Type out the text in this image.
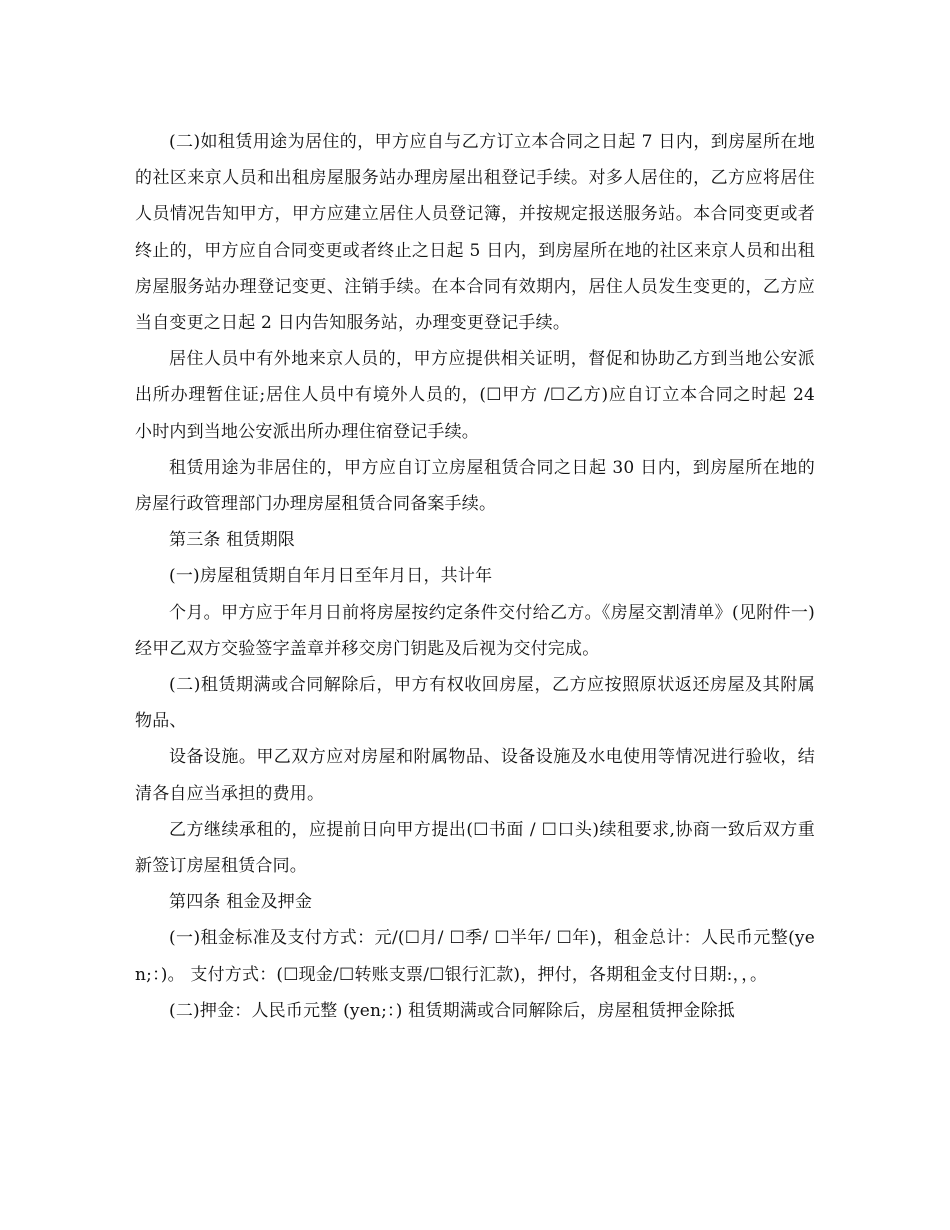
(二)如租赁用途为居住的，甲方应自与乙方订立本合同之日起 7 日内，到房屋所在地的社区来京人员和出租房屋服务站办理房屋出租登记手续。对多人居住的，乙方应将居住人员情况告知甲方，甲方应建立居住人员登记簿，并按规定报送服务站。本合同变更或者终止的，甲方应自合同变更或者终止之日起 5 日内，到房屋所在地的社区来京人员和出租房屋服务站办理登记变更、注销手续。在本合同有效期内，居住人员发生变更的，乙方应当自变更之日起 2 日内告知服务站，办理变更登记手续。

居住人员中有外地来京人员的，甲方应提供相关证明，督促和协助乙方到当地公安派出所办理暂住证;居住人员中有境外人员的，(☐甲方 /☐乙方)应自订立本合同之时起 24 小时内到当地公安派出所办理住宿登记手续。

租赁用途为非居住的，甲方应自订立房屋租赁合同之日起 30 日内，到房屋所在地的房屋行政管理部门办理房屋租赁合同备案手续。

第三条 租赁期限

(一)房屋租赁期自年月日至年月日，共计年

个月。甲方应于年月日前将房屋按约定条件交付给乙方。《房屋交割清单》(见附件一)经甲乙双方交验签字盖章并移交房门钥匙及后视为交付完成。

(二)租赁期满或合同解除后，甲方有权收回房屋，乙方应按照原状返还房屋及其附属物品、

设备设施。甲乙双方应对房屋和附属物品、设备设施及水电使用等情况进行验收，结清各自应当承担的费用。

乙方继续承租的，应提前日向甲方提出(☐书面 / ☐口头)续租要求,协商一致后双方重新签订房屋租赁合同。

第四条 租金及押金

(一)租金标准及支付方式：元/(☐月/ ☐季/ ☐半年/ ☐年)，租金总计：人民币元整(yen;：)。 支付方式：(☐现金/☐转账支票/☐银行汇款)，押付，各期租金支付日期:，，。

(二)押金：人民币元整 (yen;：) 租赁期满或合同解除后，房屋租赁押金除抵
